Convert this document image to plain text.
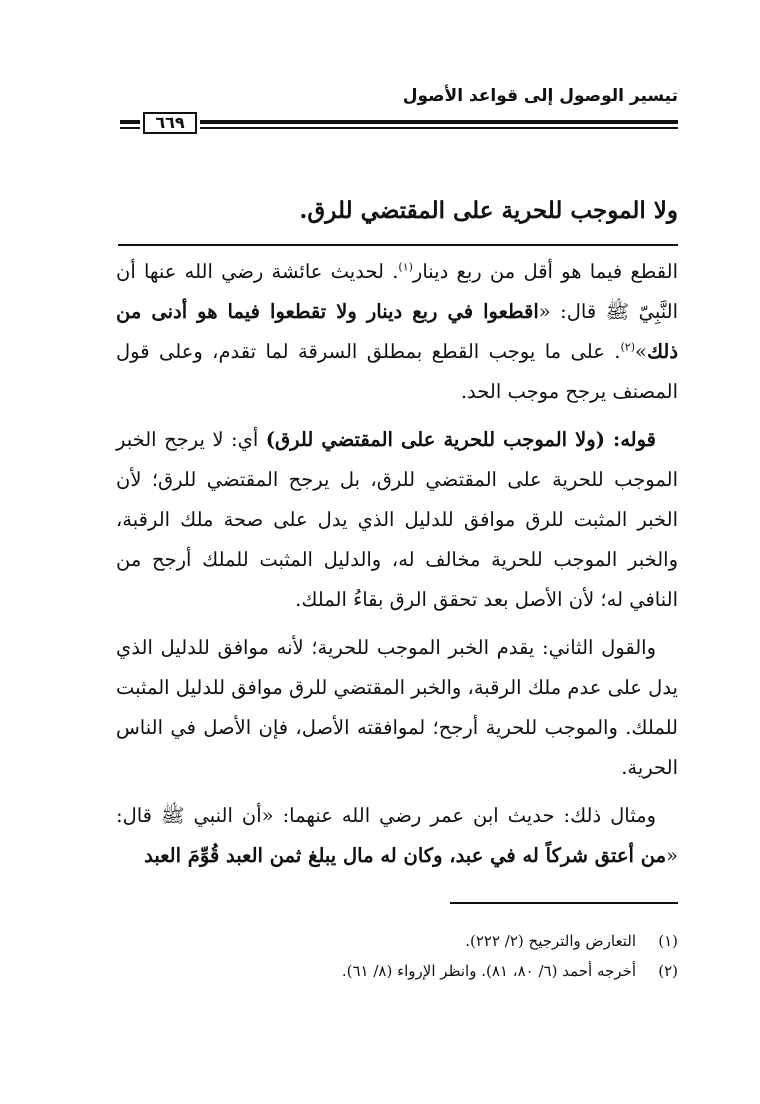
تيسير الوصول إلى قواعد الأصول
٦٦٩
ولا الموجب للحرية على المقتضي للرق.

القطع فيما هو أقل من ربع دينار$^{(١)}$. لحديث عائشة رضي الله عنها أن النَّبِيّ ﷺ قال: «اقطعوا في ربع دينار ولا تقطعوا فيما هو أدنى من ذلك»$^{(٢)}$. على ما يوجب القطع بمطلق السرقة لما تقدم، وعلى قول المصنف يرجح موجب الحد.

قوله: (ولا الموجب للحرية على المقتضي للرق) أي: لا يرجح الخبر الموجب للحرية على المقتضي للرق، بل يرجح المقتضي للرق؛ لأن الخبر المثبت للرق موافق للدليل الذي يدل على صحة ملك الرقبة، والخبر الموجب للحرية مخالف له، والدليل المثبت للملك أرجح من النافي له؛ لأن الأصل بعد تحقق الرق بقاءُ الملك.

والقول الثاني: يقدم الخبر الموجب للحرية؛ لأنه موافق للدليل الذي يدل على عدم ملك الرقبة، والخبر المقتضي للرق موافق للدليل المثبت للملك. والموجب للحرية أرجح؛ لموافقته الأصل، فإن الأصل في الناس الحرية.

ومثال ذلك: حديث ابن عمر رضي الله عنهما: «أن النبي ﷺ قال: «من أعتق شركاً له في عبد، وكان له مال يبلغ ثمن العبد قُوِّمَ العبد

(١)التعارض والترجيح (٢/ ٢٢٢).
(٢)أخرجه أحمد (٦/ ٨٠، ٨١). وانظر الإرواء (٨/ ٦١).
